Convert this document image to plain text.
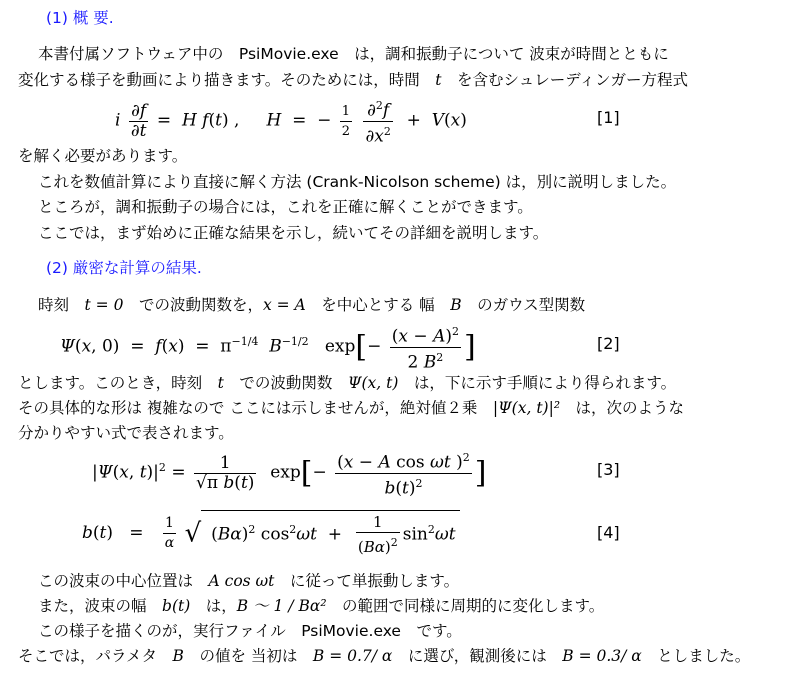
(1) 概 要.
本書付属ソフトウェア中の　PsiMovie.exe　は，調和振動子について 波束が時間とともに
変化する様子を動画により描きます。そのためには，時間　t　を含むシュレーディンガー方程式
i $\frac{\partial f}{\partial t} = H$ f(t) ,     H  =  − $\frac{1}{2}$
$\frac{\partial^2f}{\partial x^2} + V(x)$	[1]
を解く必要があります。
これを数値計算により直接に解く方法 (Crank-Nicolson scheme) は，別に説明しました。
ところが，調和振動子の場合には，これを正確に解くことができます。
ここでは，まず始めに正確な結果を示し，続いてその詳細を説明します。
(2) 厳密な計算の結果.
時刻　t = 0　での波動関数を，x = A　を中心とする 幅　B　のガウス型関数
Ψ(x, $0) = f(x) = \pi^{-1/4}$ $B^{-1/2}$   $\exp[- \frac{(x - A)^2}{2 B^2}$ ]	[2]
とします。このとき，時刻　t　での波動関数　Ψ(x, t)　は，下に示す手順により得られます。
その具体的な形は 複雑なので ここには示しませんが，絶対値２乗　|Ψ(x, t)|²　は，次のような
分かりやすい式で表されます。
|Ψ(x, $t)|^2 = \frac{1}{\text{√π b(t)}} \exp[- \frac{(x - A \cos \omega t )^2}{b(t)^2}$ ]	[3]
$b(t) = \frac{1}{\alpha} √(B\alpha)^2$ $\cos^2\omega t + \frac{1}{(B\alpha)^2} \sin^2\omega t$	[4]
この波束の中心位置は　A cos ωt　に従って単振動します。
また，波束の幅　b(t)　は，B ～ 1 / Bα²　の範囲で同様に周期的に変化します。
この様子を描くのが，実行ファイル　PsiMovie.exe　です。
そこでは，パラメタ　B　の値を 当初は　B = 0.7/ α　に選び，観測後には　B = 0.3/ α　としました。
